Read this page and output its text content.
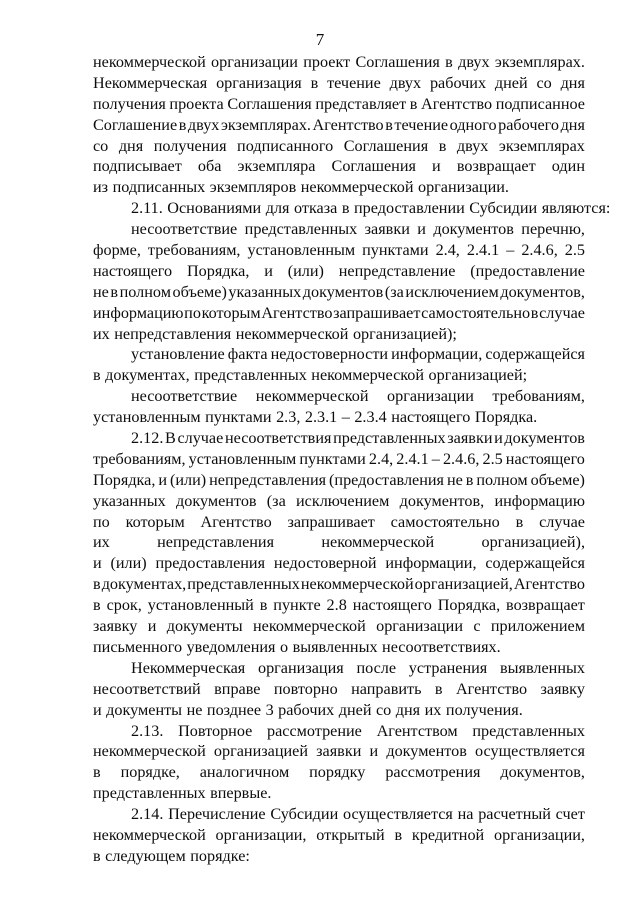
7
некоммерческой организации проект Соглашения в двух экземплярах.
Некоммерческая организация в течение двух рабочих дней со дня
получения проекта Соглашения представляет в Агентство подписанное
Соглашение в двух экземплярах. Агентство в течение одного рабочего дня
со дня получения подписанного Соглашения в двух экземплярах
подписывает оба экземпляра Соглашения и возвращает один
из подписанных экземпляров некоммерческой организации.
2.11. Основаниями для отказа в предоставлении Субсидии являются:
несоответствие представленных заявки и документов перечню,
форме, требованиям, установленным пунктами 2.4, 2.4.1 – 2.4.6, 2.5
настоящего Порядка, и (или) непредставление (предоставление
не в полном объеме) указанных документов (за исключением документов,
информацию по которым Агентство запрашивает самостоятельно в случае
их непредставления некоммерческой организацией);
установление факта недостоверности информации, содержащейся
в документах, представленных некоммерческой организацией;
несоответствие некоммерческой организации требованиям,
установленным пунктами 2.3, 2.3.1 – 2.3.4 настоящего Порядка.
2.12. В случае несоответствия представленных заявки и документов
требованиям, установленным пунктами 2.4, 2.4.1 – 2.4.6, 2.5 настоящего
Порядка, и (или) непредставления (предоставления не в полном объеме)
указанных документов (за исключением документов, информацию
по которым Агентство запрашивает самостоятельно в случае
их	непредставления	некоммерческой	организацией),
и (или) предоставления недостоверной информации, содержащейся
в документах, представленных некоммерческой организацией, Агентство
в срок, установленный в пункте 2.8 настоящего Порядка, возвращает
заявку и документы некоммерческой организации с приложением
письменного уведомления о выявленных несоответствиях.
Некоммерческая организация после устранения выявленных
несоответствий вправе повторно направить в Агентство заявку
и документы не позднее 3 рабочих дней со дня их получения.
2.13. Повторное рассмотрение Агентством представленных
некоммерческой организацией заявки и документов осуществляется
в порядке, аналогичном порядку рассмотрения документов,
представленных впервые.
2.14. Перечисление Субсидии осуществляется на расчетный счет
некоммерческой организации, открытый в кредитной организации,
в следующем порядке:
